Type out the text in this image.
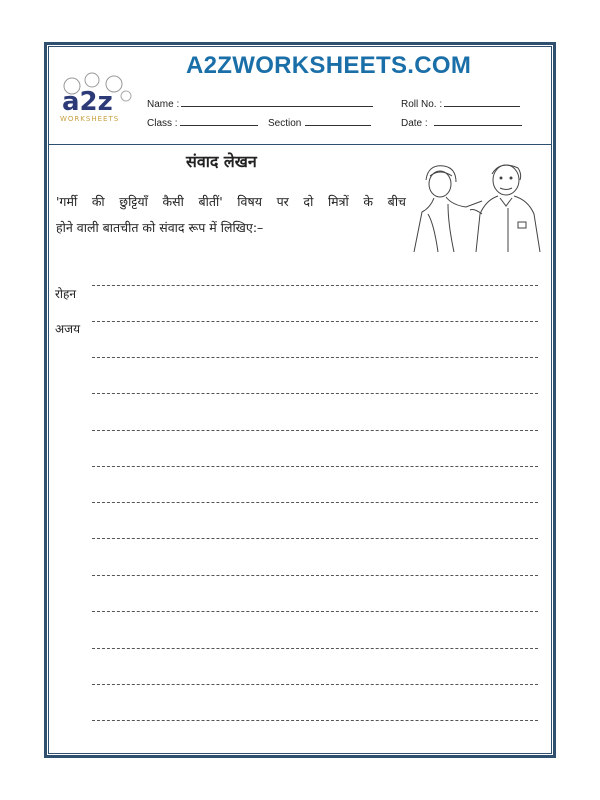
a2z
WORKSHEETS
A2ZWORKSHEETS.COM
Name :	Roll No. :
Class :	Section	Date :
संवाद लेखन
'गर्मी की छुट्टियाँ कैसी बीतीं' विषय पर दो मित्रों के बीच
होने वाली बातचीत को संवाद रूप में लिखिए:–
रोहन
अजय
